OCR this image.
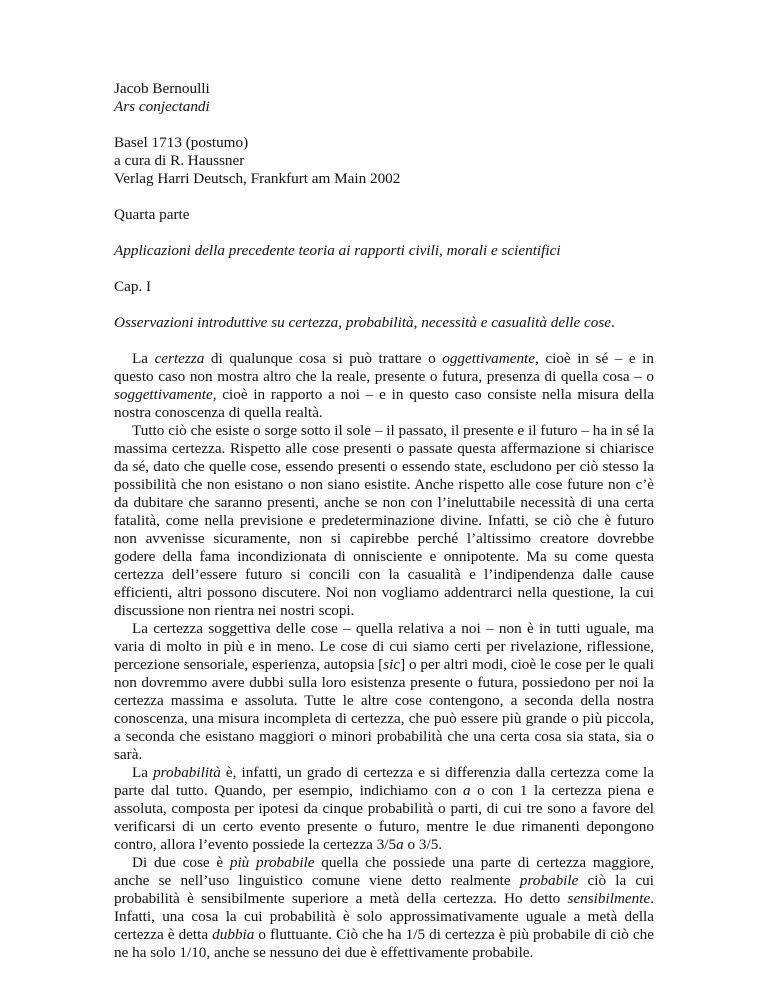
Jacob Bernoulli
Ars conjectandi
Basel 1713 (postumo)
a cura di R. Haussner
Verlag Harri Deutsch, Frankfurt am Main 2002
Quarta parte
Applicazioni della precedente teoria ai rapporti civili, morali e scientifici
Cap. I
Osservazioni introduttive su certezza, probabilità, necessità e casualità delle cose.
La certezza di qualunque cosa si può trattare o oggettivamente, cioè in sé – e in questo caso non mostra altro che la reale, presente o futura, presenza di quella cosa – o soggettivamente, cioè in rapporto a noi – e in questo caso consiste nella misura della nostra conoscenza di quella realtà.
Tutto ciò che esiste o sorge sotto il sole – il passato, il presente e il futuro – ha in sé la massima certezza. Rispetto alle cose presenti o passate questa affermazione si chiarisce da sé, dato che quelle cose, essendo presenti o essendo state, escludono per ciò stesso la possibilità che non esistano o non siano esistite. Anche rispetto alle cose future non c’è da dubitare che saranno presenti, anche se non con l’ineluttabile necessità di una certa fatalità, come nella previsione e predeterminazione divine. Infatti, se ciò che è futuro non avvenisse sicuramente, non si capirebbe perché l’altissimo creatore dovrebbe godere della fama incondizionata di onnisciente e onnipotente. Ma su come questa certezza dell’essere futuro si concili con la casualità e l’indipendenza dalle cause efficienti, altri possono discutere. Noi non vogliamo addentrarci nella questione, la cui discussione non rientra nei nostri scopi.
La certezza soggettiva delle cose – quella relativa a noi – non è in tutti uguale, ma varia di molto in più e in meno. Le cose di cui siamo certi per rivelazione, riflessione, percezione sensoriale, esperienza, autopsia [sic] o per altri modi, cioè le cose per le quali non dovremmo avere dubbi sulla loro esistenza presente o futura, possiedono per noi la certezza massima e assoluta. Tutte le altre cose contengono, a seconda della nostra conoscenza, una misura incompleta di certezza, che può essere più grande o più piccola, a seconda che esistano maggiori o minori probabilità che una certa cosa sia stata, sia o sarà.
La probabilità è, infatti, un grado di certezza e si differenzia dalla certezza come la parte dal tutto. Quando, per esempio, indichiamo con a o con 1 la certezza piena e assoluta, composta per ipotesi da cinque probabilità o parti, di cui tre sono a favore del verificarsi di un certo evento presente o futuro, mentre le due rimanenti depongono contro, allora l’evento possiede la certezza 3/5a o 3/5.
Di due cose è più probabile quella che possiede una parte di certezza maggiore, anche se nell’uso linguistico comune viene detto realmente probabile ciò la cui probabilità è sensibilmente superiore a metà della certezza. Ho detto sensibilmente. Infatti, una cosa la cui probabilità è solo approssimativamente uguale a metà della certezza è detta dubbia o fluttuante. Ciò che ha 1/5 di certezza è più probabile di ciò che ne ha solo 1/10, anche se nessuno dei due è effettivamente probabile.
